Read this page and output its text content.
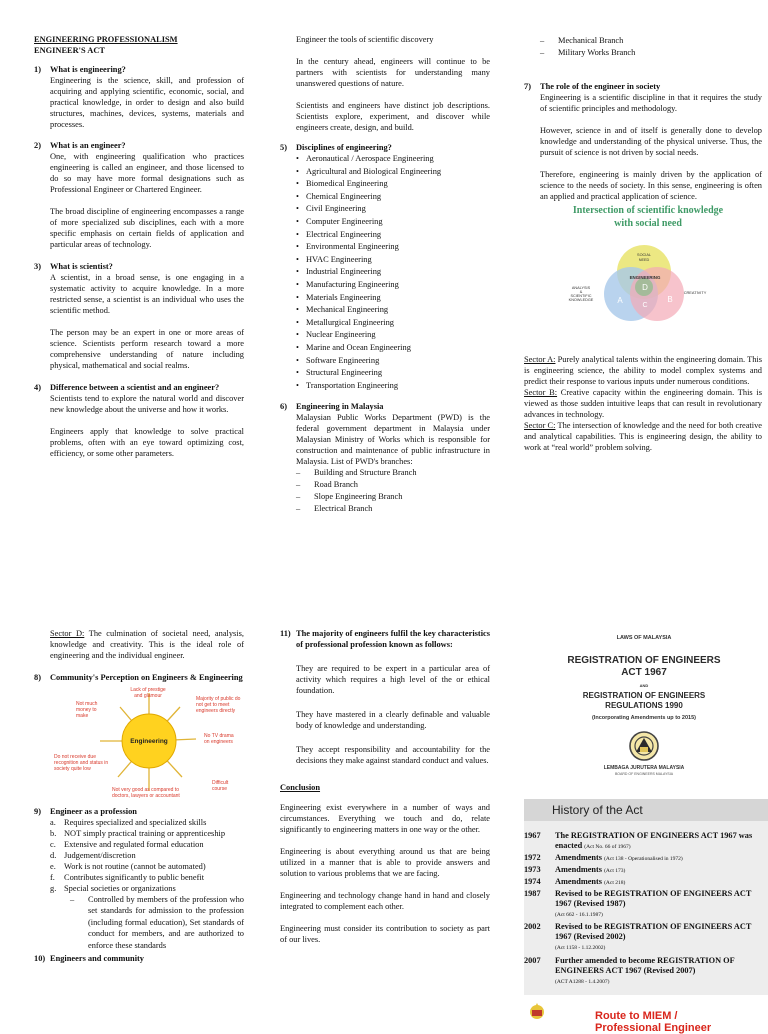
ENGINEERING PROFESSIONALISM

ENGINEER'S ACT

1) What is engineering?

Engineering is the science, skill, and profession of acquiring and applying scientific, economic, social, and practical knowledge, in order to design and also build structures, machines, devices, systems, materials and processes.

2) What is an engineer?

One, with engineering qualification who practices engineering is called an engineer, and those licensed to do so may have more formal designations such as Professional Engineer or Chartered Engineer.

The broad discipline of engineering encompasses a range of more specialized sub disciplines, each with a more specific emphasis on certain fields of application and particular areas of technology.

3) What is scientist?

A scientist, in a broad sense, is one engaging in a systematic activity to acquire knowledge. In a more restricted sense, a scientist is an individual who uses the scientific method.

The person may be an expert in one or more areas of science. Scientists perform research toward a more comprehensive understanding of nature including physical, mathematical and social realms.

4) Difference between a scientist and an engineer?

Scientists tend to explore the natural world and discover new knowledge about the universe and how it works.

Engineers apply that knowledge to solve practical problems, often with an eye toward optimizing cost, efficiency, or some other parameters.

Engineer the tools of scientific discovery

In the century ahead, engineers will continue to be partners with scientists for understanding many unanswered questions of nature.

Scientists and engineers have distinct job descriptions. Scientists explore, experiment, and discover while engineers create, design, and build.

5) Disciplines of engineering?

• Aeronautical / Aerospace Engineering
• Agricultural and Biological Engineering
• Biomedical Engineering
• Chemical Engineering
• Civil Engineering
• Computer Engineering
• Electrical Engineering
• Environmental Engineering
• HVAC Engineering
• Industrial Engineering
• Manufacturing Engineering
• Materials Engineering
• Mechanical Engineering
• Metallurgical Engineering
• Nuclear Engineering
• Marine and Ocean Engineering
• Software Engineering
• Structural Engineering
• Transportation Engineering
6) Engineering in Malaysia

Malaysian Public Works Department (PWD) is the federal government department in Malaysia under Malaysian Ministry of Works which is responsible for construction and maintenance of public infrastructure in Malaysia. List of PWD's branches:

– Building and Structure Branch
– Road Branch
– Slope Engineering Branch
– Electrical Branch
– Mechanical Branch
– Military Works Branch
7) The role of the engineer in society

Engineering is a scientific discipline in that it requires the study of scientific principles and methodology.

However, science in and of itself is generally done to develop knowledge and understanding of the physical universe. Thus, the pursuit of science is not driven by social needs.

Therefore, engineering is mainly driven by the application of science to the needs of society. In this sense, engineering is often an applied and practical application of science.

Intersection of scientific knowledge
with social need
SOCIAL
NEED
ENGINEERING
D
A	B
C
ANALYSIS
&
SCIENTIFIC
KNOWLEDGE
CREATIVITY

Sector A: Purely analytical talents within the engineering domain. This is engineering science, the ability to model complex systems and predict their response to various inputs under numerous conditions.

Sector B: Creative capacity within the engineering domain. This is viewed as those sudden intuitive leaps that can result in revolutionary advances in technology.

Sector C: The intersection of knowledge and the need for both creative and analytical capabilities. This is engineering design, the ability to work at “real world” problem solving.

Sector D: The culmination of societal need, analysis, knowledge and creativity. This is the ideal role of engineering and the individual engineer.

8) Community's Perception on Engineers & Engineering

Engineering
Lack of prestige
and glamour	Majority of public do
not get to meet
engineers directly
Not much
money to
make
No TV drama
on engineers
Do not receive due
recognition and status in
society quite low
Not very good as compared to
doctors, lawyers or accountant
Difficult
course
9) Engineer as a profession

a. Requires specialized and specialized skills
b. NOT simply practical training or apprenticeship
c. Extensive and regulated formal education
d. Judgement/discretion
e. Work is not routine (cannot be automated)
f. Contributes significantly to public benefit
g. Special societies or organizations
– Controlled by members of the profession who set standards for admission to the profession (including formal education), Set standards of conduct for members, and are authorized to enforce these standards
10) Engineers and community

11) The majority of engineers fulfil the key characteristics of professional profession known as follows:

They are required to be expert in a particular area of activity which requires a high level of the or ethical foundation.

They have mastered in a clearly definable and valuable body of knowledge and understanding.

They accept responsibility and accountability for the decisions they make against standard conduct and values.

Conclusion

Engineering exist everywhere in a number of ways and circumstances. Everything we touch and do, relate significantly to engineering matters in one way or the other.

Engineering is about everything around us that are being utilized in a manner that is able to provide answers and solution to various problems that we are facing.

Engineering and technology change hand in hand and closely integrated to complement each other.

Engineering must consider its contribution to society as part of our lives.

LAWS OF MALAYSIA

REGISTRATION OF ENGINEERS

ACT 1967

AND

REGISTRATION OF ENGINEERS

REGULATIONS 1990

(Incorporating Amendments up to 2015)

LEMBAGA JURUTERA MALAYSIA

BOARD OF ENGINEERS MALAYSIA

History of the Act

1967 The REGISTRATION OF ENGINEERS ACT 1967 was enacted (Act No. 66 of 1967)
1972 Amendments (Act 138 - Operationalised in 1972)
1973 Amendments (Act 173)
1974 Amendments (Act 218)
1987 Revised to be REGISTRATION OF ENGINEERS ACT 1967 (Revised 1987)
(Act 662 - 16.1.1987)
2002 Revised to be REGISTRATION OF ENGINEERS ACT 1967 (Revised 2002)
(Act 1158 - 1.12.2002)
2007 Further amended to become REGISTRATION OF ENGINEERS ACT 1967 (Revised 2007)
(ACT A1288 - 1.4.2007)

Route to MIEM /

Professional Engineer
